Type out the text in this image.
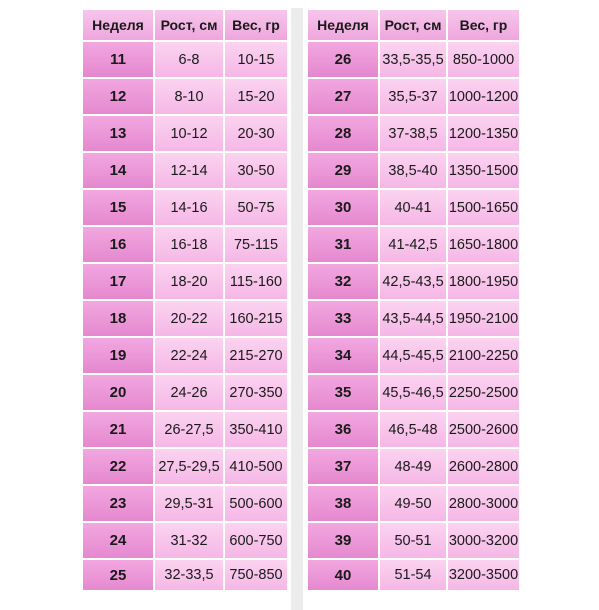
Неделя	Рост, см	Вес, гр
11	6-8	10-15
12	8-10	15-20
13	10-12	20-30
14	12-14	30-50
15	14-16	50-75
16	16-18	75-115
17	18-20	115-160
18	20-22	160-215
19	22-24	215-270
20	24-26	270-350
21	26-27,5	350-410
22	27,5-29,5	410-500
23	29,5-31	500-600
24	31-32	600-750
25	32-33,5	750-850
Неделя	Рост, см	Вес, гр
26	33,5-35,5	850-1000
27	35,5-37	1000-1200
28	37-38,5	1200-1350
29	38,5-40	1350-1500
30	40-41	1500-1650
31	41-42,5	1650-1800
32	42,5-43,5	1800-1950
33	43,5-44,5	1950-2100
34	44,5-45,5	2100-2250
35	45,5-46,5	2250-2500
36	46,5-48	2500-2600
37	48-49	2600-2800
38	49-50	2800-3000
39	50-51	3000-3200
40	51-54	3200-3500
